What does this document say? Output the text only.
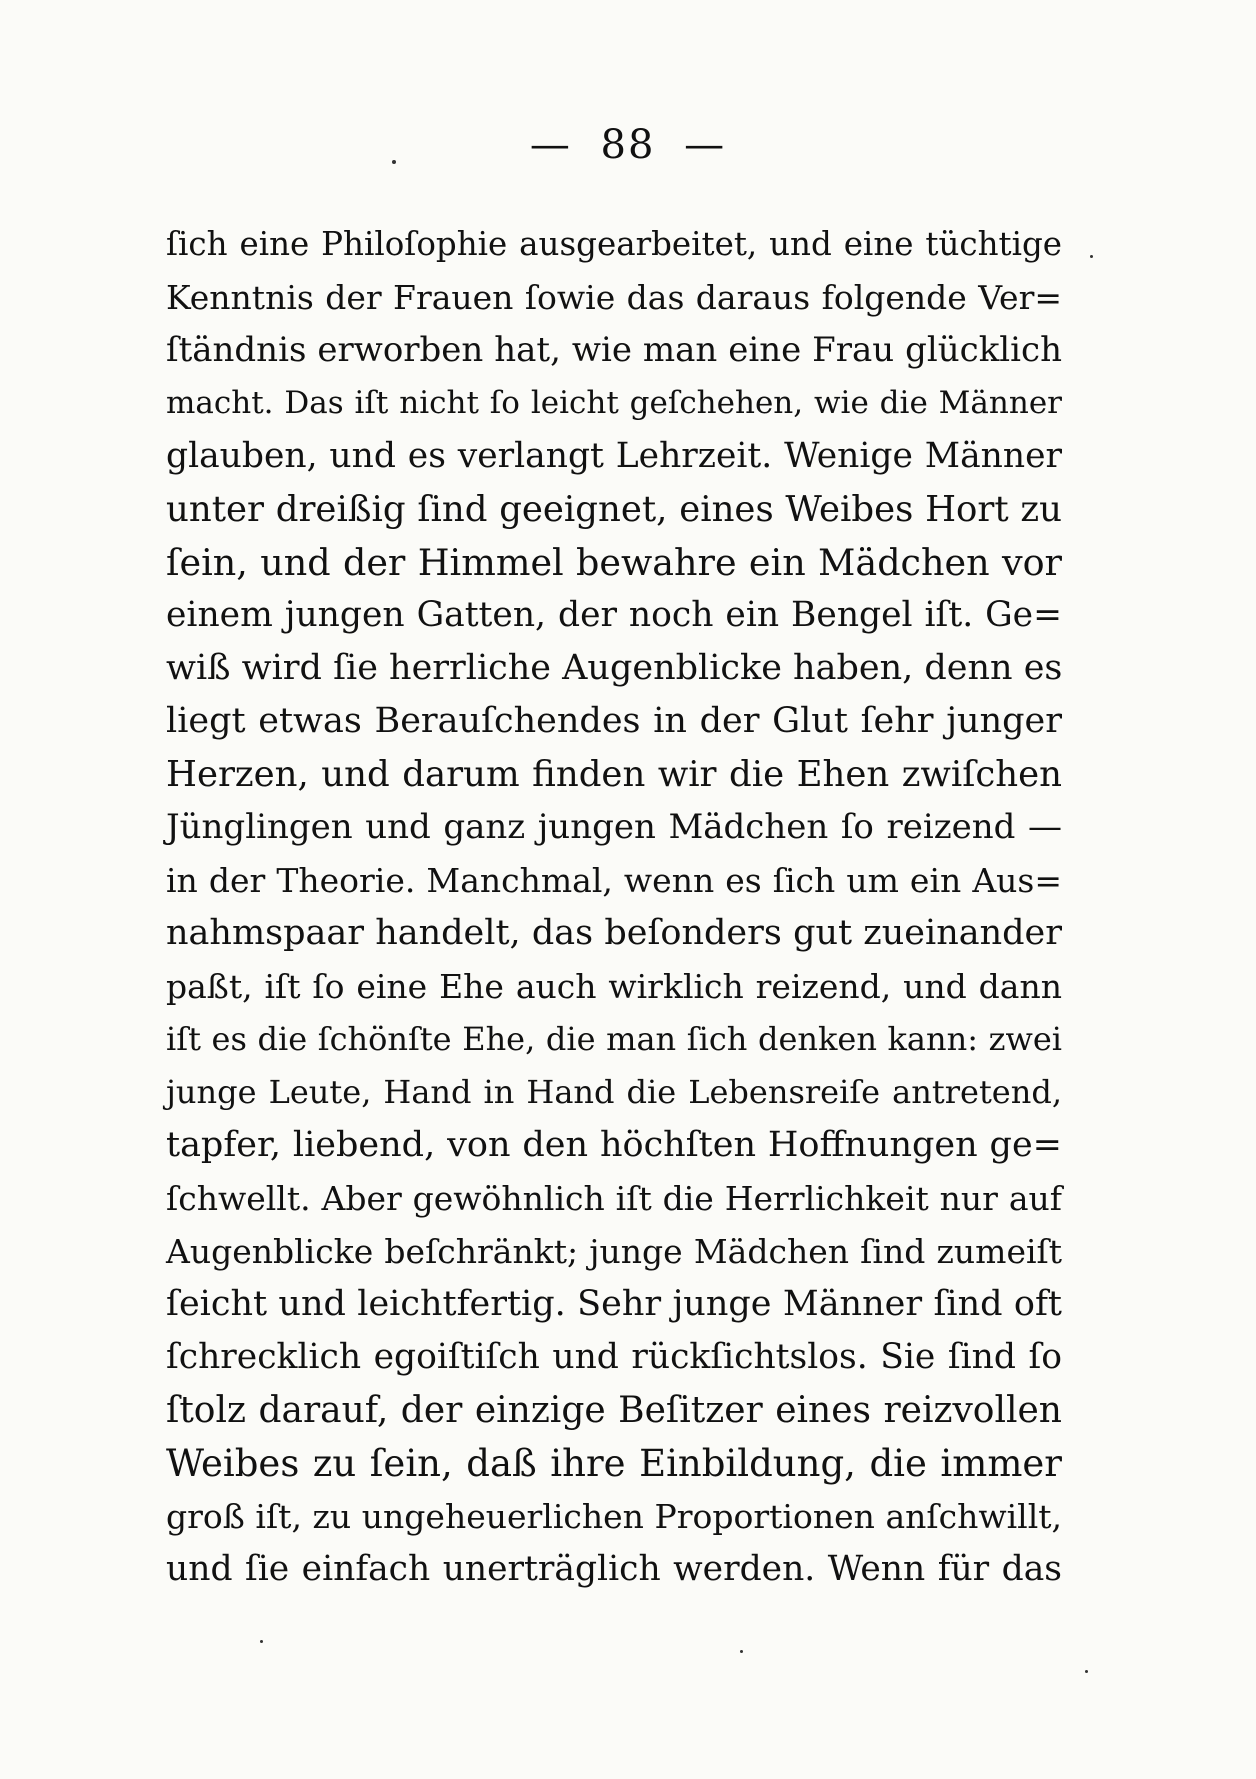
— 88 —
ſich eine Philoſophie ausgearbeitet, und eine tüchtige
Kenntnis der Frauen ſowie das daraus folgende Ver=
ſtändnis erworben hat, wie man eine Frau glücklich
macht. Das iſt nicht ſo leicht geſchehen, wie die Männer
glauben, und es verlangt Lehrzeit. Wenige Männer
unter dreißig ſind geeignet, eines Weibes Hort zu
ſein, und der Himmel bewahre ein Mädchen vor
einem jungen Gatten, der noch ein Bengel iſt. Ge=
wiß wird ſie herrliche Augenblicke haben, denn es
liegt etwas Berauſchendes in der Glut ſehr junger
Herzen, und darum finden wir die Ehen zwiſchen
Jünglingen und ganz jungen Mädchen ſo reizend —
in der Theorie. Manchmal, wenn es ſich um ein Aus=
nahmspaar handelt, das beſonders gut zueinander
paßt, iſt ſo eine Ehe auch wirklich reizend, und dann
iſt es die ſchönſte Ehe, die man ſich denken kann: zwei
junge Leute, Hand in Hand die Lebensreiſe antretend,
tapfer, liebend, von den höchſten Hoffnungen ge=
ſchwellt. Aber gewöhnlich iſt die Herrlichkeit nur auf
Augenblicke beſchränkt; junge Mädchen ſind zumeiſt
ſeicht und leichtfertig. Sehr junge Männer ſind oft
ſchrecklich egoiſtiſch und rückſichtslos. Sie ſind ſo
ſtolz darauf, der einzige Beſitzer eines reizvollen
Weibes zu ſein, daß ihre Einbildung, die immer
groß iſt, zu ungeheuerlichen Proportionen anſchwillt,
und ſie einfach unerträglich werden. Wenn für das
